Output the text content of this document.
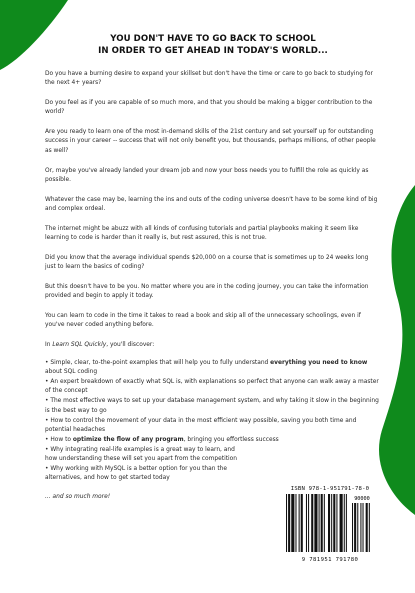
YOU DON'T HAVE TO GO BACK TO SCHOOL
IN ORDER TO GET AHEAD IN TODAY'S WORLD...

Do you have a burning desire to expand your skillset but don't have the time or care to go back to studying for the next 4+ years?

Do you feel as if you are capable of so much more, and that you should be making a bigger contribution to the world?

Are you ready to learn one of the most in-demand skills of the 21st century and set yourself up for outstanding success in your career -- success that will not only benefit you, but thousands, perhaps millions, of other people as well?

Or, maybe you've already landed your dream job and now your boss needs you to fulfill the role as quickly as possible.

Whatever the case may be, learning the ins and outs of the coding universe doesn't have to be some kind of big and complex ordeal.

The internet might be abuzz with all kinds of confusing tutorials and partial playbooks making it seem like learning to code is harder than it really is, but rest assured, this is not true.

Did you know that the average individual spends $20,000 on a course that is sometimes up to 24 weeks long just to learn the basics of coding?

But this doesn't have to be you. No matter where you are in the coding journey, you can take the information provided and begin to apply it today.

You can learn to code in the time it takes to read a book and skip all of the unnecessary schoolings, even if you've never coded anything before.

In Learn SQL Quickly, you'll discover:

• Simple, clear, to-the-point examples that will help you to fully understand everything you need to know about SQL coding
• An expert breakdown of exactly what SQL is, with explanations so perfect that anyone can walk away a master of the concept
• The most effective ways to set up your database management system, and why taking it slow in the beginning is the best way to go
• How to control the movement of your data in the most efficient way possible, saving you both time and potential headaches
• How to optimize the flow of any program, bringing you effortless success
• Why integrating real-life examples is a great way to learn, and how understanding these will set you apart from the competition
• Why working with MySQL is a better option for you than the alternatives, and how to get started today

... and so much more!

ISBN 978-1-951791-78-0
90000
9 781951 791780
